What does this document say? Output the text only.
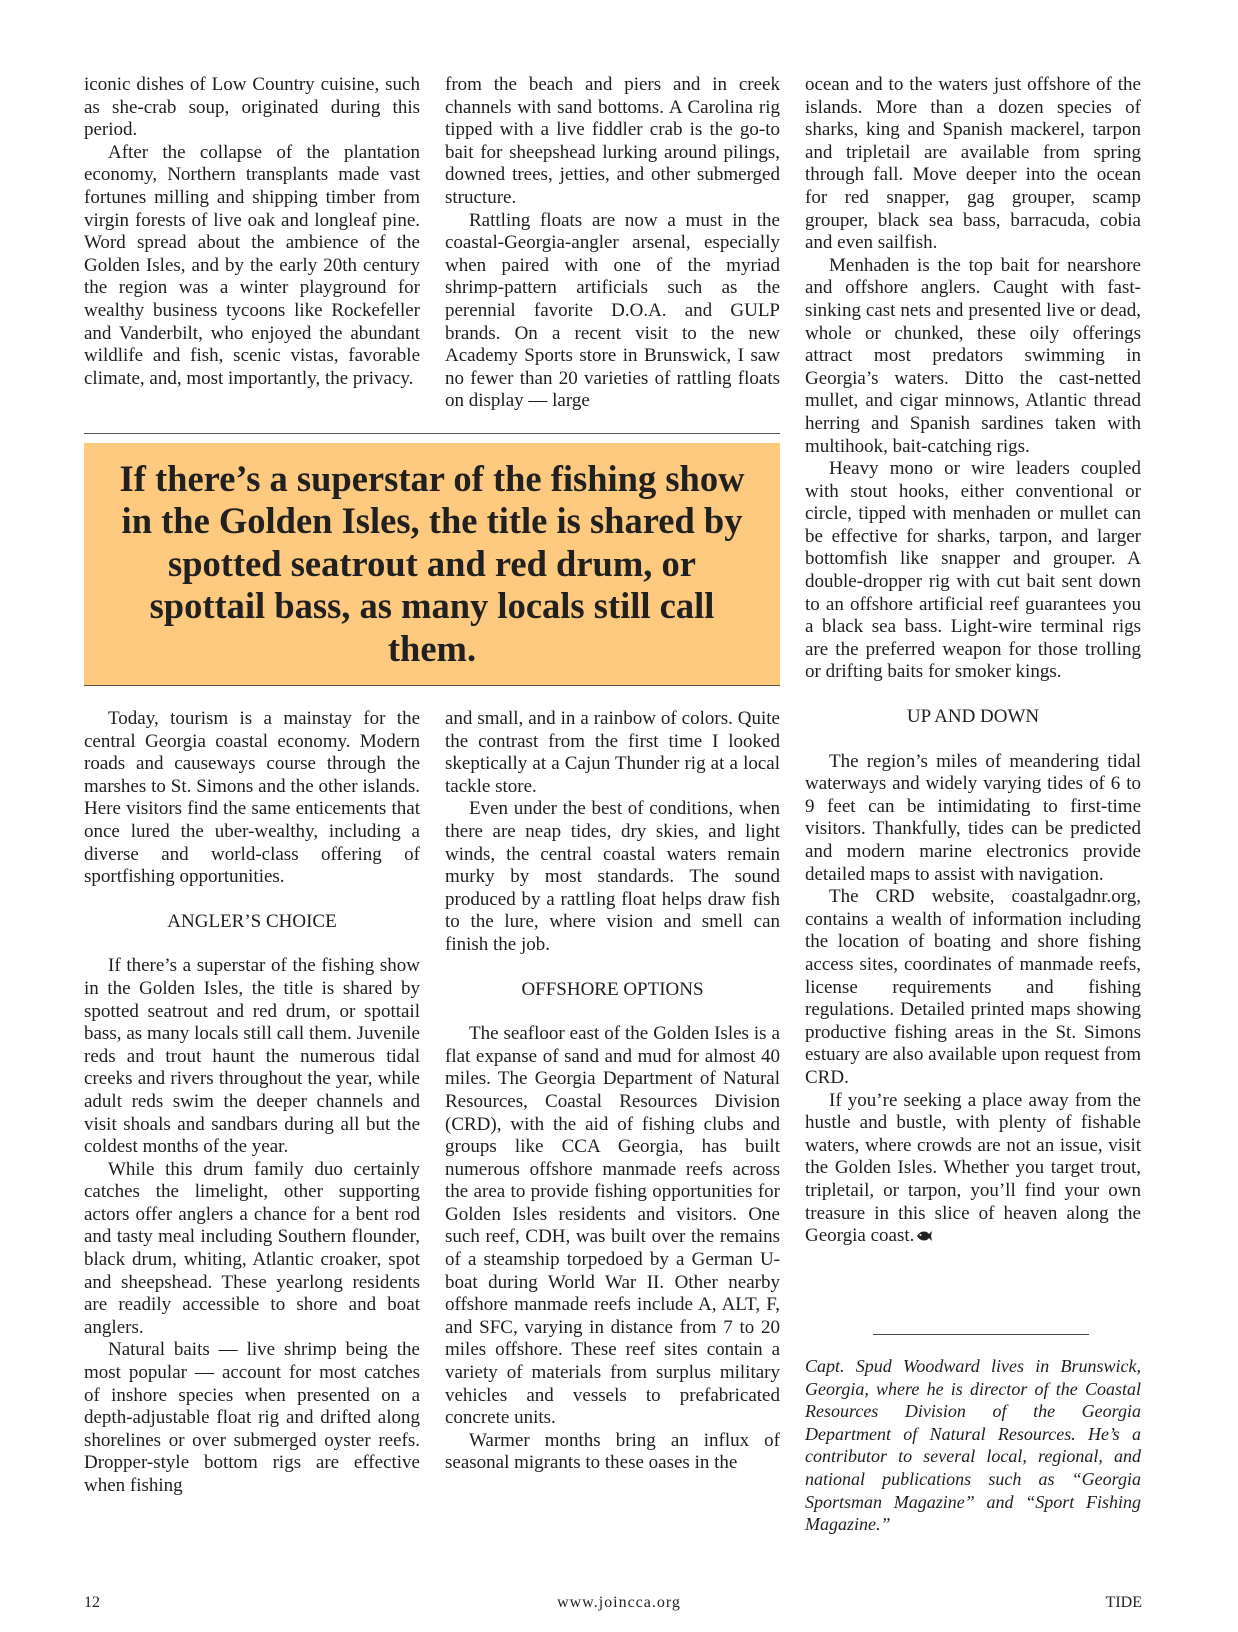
iconic dishes of Low Country cuisine, such as she-crab soup, originated during this period.

After the collapse of the plantation economy, Northern transplants made vast fortunes milling and shipping timber from virgin forests of live oak and longleaf pine. Word spread about the ambience of the Golden Isles, and by the early 20th century the region was a winter playground for wealthy business tycoons like Rockefeller and Vanderbilt, who enjoyed the abundant wildlife and fish, scenic vistas, favorable climate, and, most importantly, the privacy.

from the beach and piers and in creek channels with sand bottoms. A Carolina rig tipped with a live fiddler crab is the go-to bait for sheepshead lurking around pilings, downed trees, jetties, and other submerged structure.

Rattling floats are now a must in the coastal-Georgia-angler arsenal, especially when paired with one of the myriad shrimp-pattern artificials such as the perennial favorite D.O.A. and GULP brands. On a recent visit to the new Academy Sports store in Brunswick, I saw no fewer than 20 varieties of rattling floats on display — large

If there’s a superstar of the fishing show in the Golden Isles, the title is shared by spotted seatrout and red drum, or spottail bass, as many locals still call them.

Today, tourism is a mainstay for the central Georgia coastal economy. Modern roads and causeways course through the marshes to St. Simons and the other islands. Here visitors find the same enticements that once lured the uber-wealthy, including a diverse and world-class offering of sportfishing opportunities.

ANGLER’S CHOICE

If there’s a superstar of the fishing show in the Golden Isles, the title is shared by spotted seatrout and red drum, or spottail bass, as many locals still call them. Juvenile reds and trout haunt the numerous tidal creeks and rivers throughout the year, while adult reds swim the deeper channels and visit shoals and sandbars during all but the coldest months of the year.

While this drum family duo certainly catches the limelight, other supporting actors offer anglers a chance for a bent rod and tasty meal including Southern flounder, black drum, whiting, Atlantic croaker, spot and sheepshead. These yearlong residents are readily accessible to shore and boat anglers.

Natural baits — live shrimp being the most popular — account for most catches of inshore species when presented on a depth-adjustable float rig and drifted along shorelines or over submerged oyster reefs. Dropper-style bottom rigs are effective when fishing

and small, and in a rainbow of colors. Quite the contrast from the first time I looked skeptically at a Cajun Thunder rig at a local tackle store.

Even under the best of conditions, when there are neap tides, dry skies, and light winds, the central coastal waters remain murky by most standards. The sound produced by a rattling float helps draw fish to the lure, where vision and smell can finish the job.

OFFSHORE OPTIONS

The seafloor east of the Golden Isles is a flat expanse of sand and mud for almost 40 miles. The Georgia Department of Natural Resources, Coastal Resources Division (CRD), with the aid of fishing clubs and groups like CCA Georgia, has built numerous offshore manmade reefs across the area to provide fishing opportunities for Golden Isles residents and visitors. One such reef, CDH, was built over the remains of a steamship torpedoed by a German U-boat during World War II. Other nearby offshore manmade reefs include A, ALT, F, and SFC, varying in distance from 7 to 20 miles offshore. These reef sites contain a variety of materials from surplus military vehicles and vessels to prefabricated concrete units.

Warmer months bring an influx of seasonal migrants to these oases in the

ocean and to the waters just offshore of the islands. More than a dozen species of sharks, king and Spanish mackerel, tarpon and tripletail are available from spring through fall. Move deeper into the ocean for red snapper, gag grouper, scamp grouper, black sea bass, barracuda, cobia and even sailfish.

Menhaden is the top bait for nearshore and offshore anglers. Caught with fast-sinking cast nets and presented live or dead, whole or chunked, these oily offerings attract most predators swimming in Georgia’s waters. Ditto the cast-netted mullet, and cigar minnows, Atlantic thread herring and Spanish sardines taken with multihook, bait-catching rigs.

Heavy mono or wire leaders coupled with stout hooks, either conventional or circle, tipped with menhaden or mullet can be effective for sharks, tarpon, and larger bottomfish like snapper and grouper. A double-dropper rig with cut bait sent down to an offshore artificial reef guarantees you a black sea bass. Light-wire terminal rigs are the preferred weapon for those trolling or drifting baits for smoker kings.

UP AND DOWN

The region’s miles of meandering tidal waterways and widely varying tides of 6 to 9 feet can be intimidating to first-time visitors. Thankfully, tides can be predicted and modern marine electronics provide detailed maps to assist with navigation.

The CRD website, coastalgadnr.org, contains a wealth of information including the location of boating and shore fishing access sites, coordinates of manmade reefs, license requirements and fishing regulations. Detailed printed maps showing productive fishing areas in the St. Simons estuary are also available upon request from CRD.

If you’re seeking a place away from the hustle and bustle, with plenty of fishable waters, where crowds are not an issue, visit the Golden Isles. Whether you target trout, tripletail, or tarpon, you’ll find your own treasure in this slice of heaven along the Georgia coast.

Capt. Spud Woodward lives in Brunswick, Georgia, where he is director of the Coastal Resources Division of the Georgia Department of Natural Resources. He’s a contributor to several local, regional, and national publications such as “Georgia Sportsman Magazine” and “Sport Fishing Magazine.”

12	www.joincca.org	TIDE
